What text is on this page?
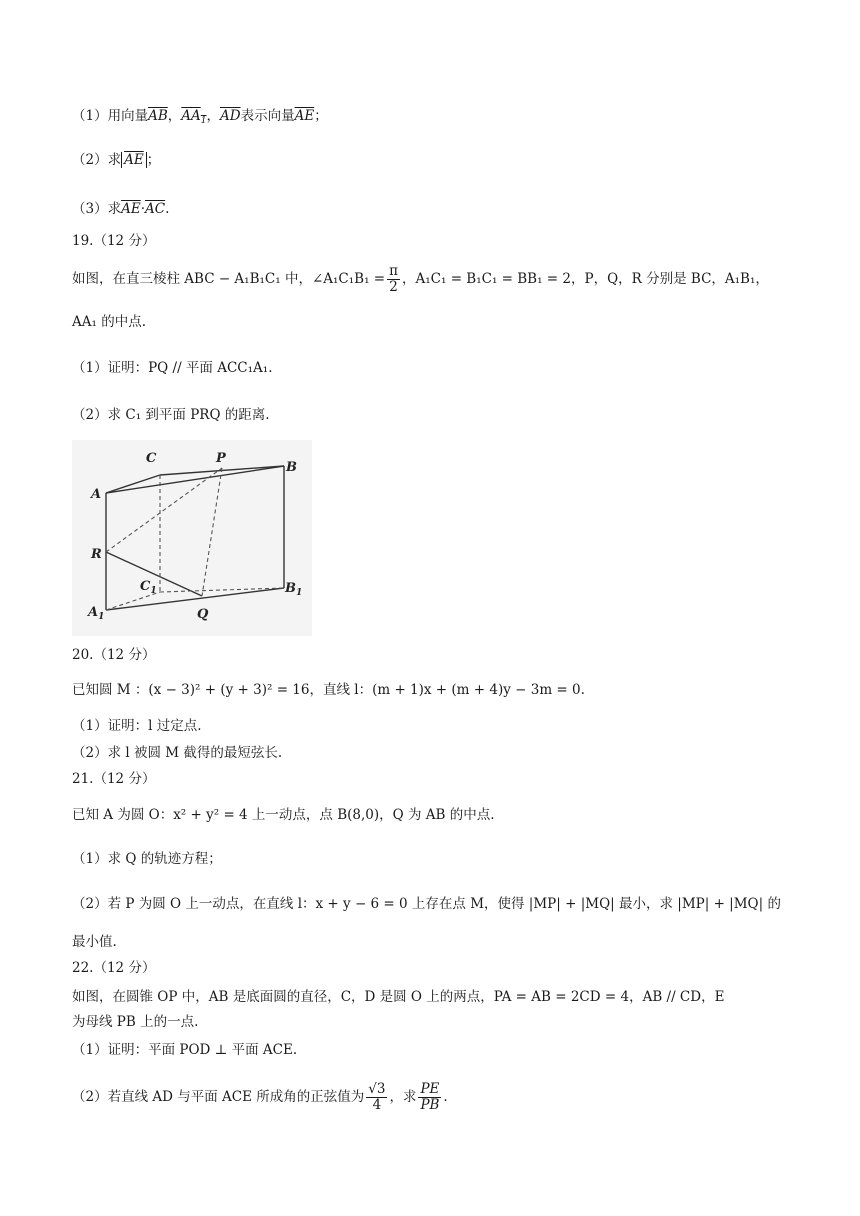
（1）用向量$\overline{AB}$，$AA_1$，$\overline{AD}$表示向量$\overline{AE}$；
（2）求 $\overline{AE}$ ；
（3）求$\overline{AE}\cdot\overline{AC}$.
19.（12 分）
如图，在直三棱柱 ABC − A₁B₁C₁ 中，∠A₁C₁B₁ = $\frac{\pi}{2}$ ，A₁C₁ = B₁C₁ = BB₁ = 2，P，Q，R 分别是 BC，A₁B₁，
AA₁ 的中点.
（1）证明：PQ // 平面 ACC₁A₁.
（2）求 C₁ 到平面 PRQ 的距离.
C	P
B
A
R
$C_1$	$B_1$
$A_1$	Q
20.（12 分）
已知圆 M ：(x − 3)² + (y + 3)² = 16，直线 l：(m + 1)x + (m + 4)y − 3m = 0.
（1）证明：l 过定点.
（2）求 l 被圆 M 截得的最短弦长.
21.（12 分）
已知 A 为圆 O：x² + y² = 4 上一动点，点 B(8,0)，Q 为 AB 的中点.
（1）求 Q 的轨迹方程；
（2）若 P 为圆 O 上一动点，在直线 l：x + y − 6 = 0 上存在点 M，使得 |MP| + |MQ| 最小，求 |MP| + |MQ| 的
最小值.
22.（12 分）
如图，在圆锥 OP 中，AB 是底面圆的直径，C，D 是圆 O 上的两点，PA = AB = 2CD = 4，AB // CD，E
为母线 PB 上的一点.
（1）证明：平面 POD ⊥ 平面 ACE.
（2）若直线 AD 与平面 ACE 所成角的正弦值为 $\frac{√3}{4}$ ，求 $\frac{PE}{PB}$ .
